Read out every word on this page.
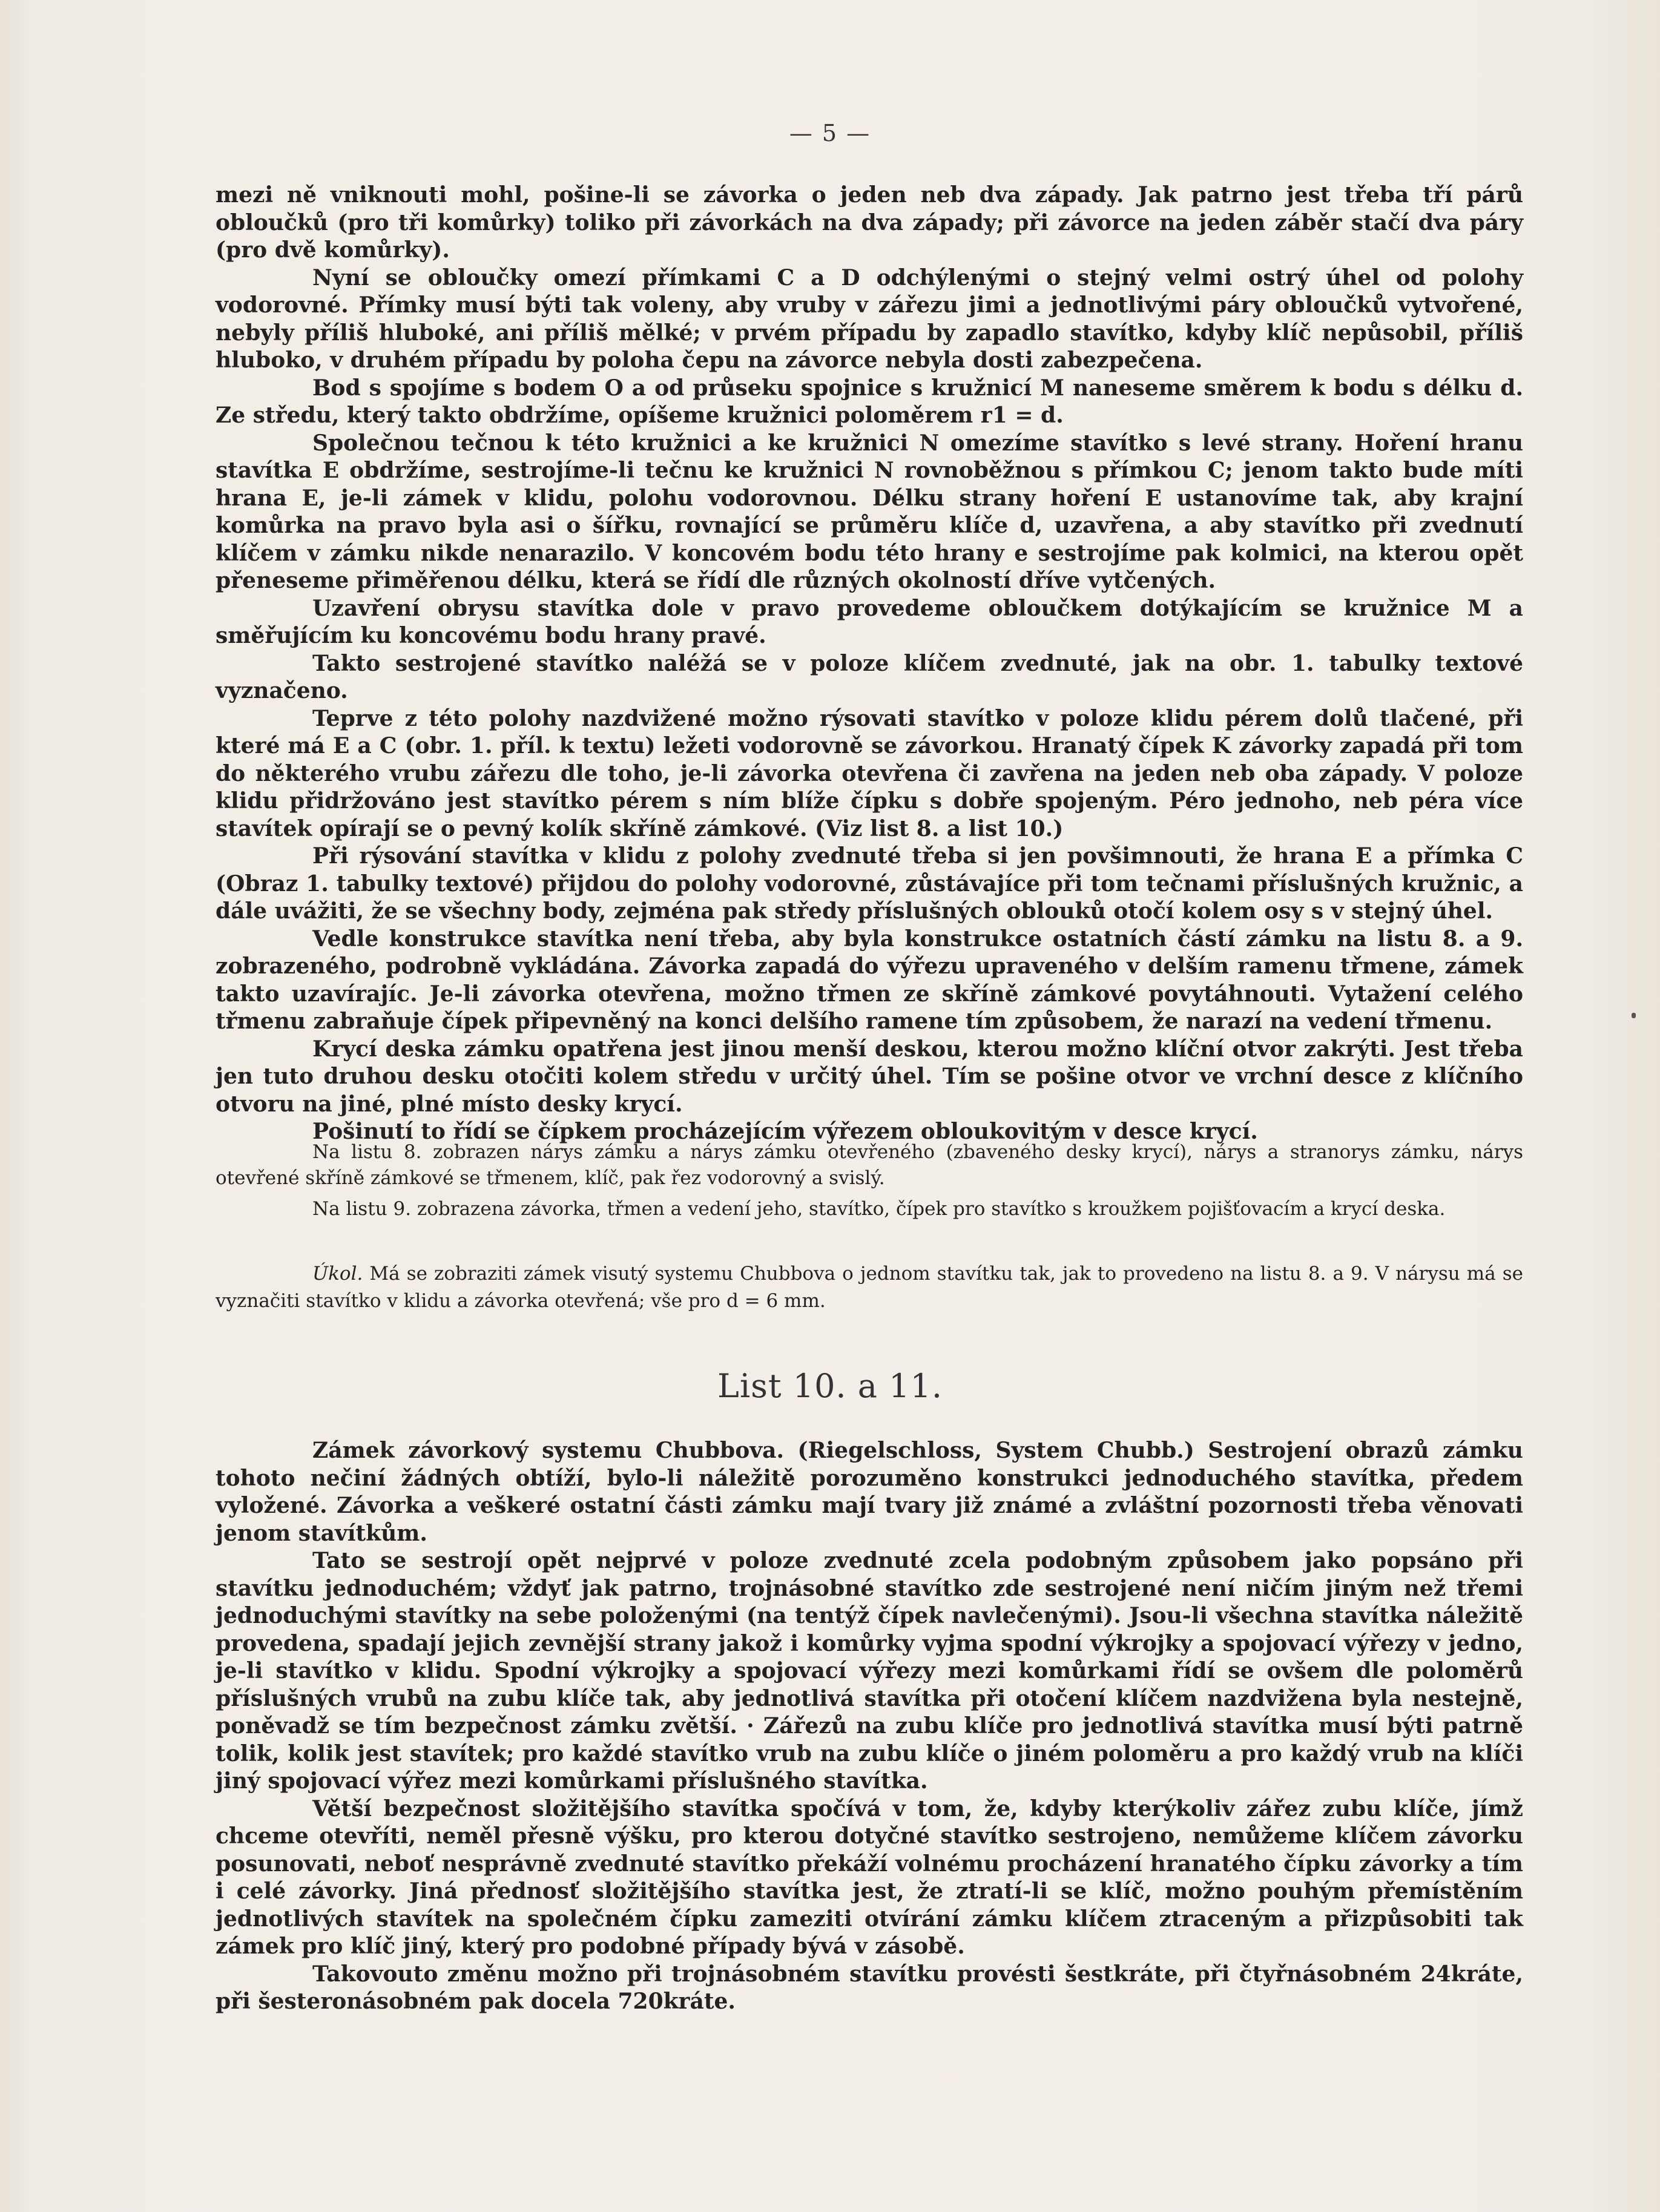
— 5 —

mezi ně vniknouti mohl, pošine-li se závorka o jeden neb dva západy. Jak patrno jest třeba tří párů obloučků (pro tři komůrky) toliko při závorkách na dva západy; při závorce na jeden záběr stačí dva páry (pro dvě komůrky).

Nyní se obloučky omezí přímkami C a D odchýlenými o stejný velmi ostrý úhel od polohy vodorovné. Přímky musí býti tak voleny, aby vruby v zářezu jimi a jednotlivými páry obloučků vytvořené, nebyly příliš hluboké, ani příliš mělké; v prvém případu by zapadlo stavítko, kdyby klíč nepůsobil, příliš hluboko, v druhém případu by poloha čepu na závorce nebyla dosti zabezpečena.

Bod s spojíme s bodem O a od průseku spojnice s kružnicí M naneseme směrem k bodu s délku d. Ze středu, který takto obdržíme, opíšeme kružnici poloměrem r1 = d.

Společnou tečnou k této kružnici a ke kružnici N omezíme stavítko s levé strany. Hoření hranu stavítka E obdržíme, sestrojíme-li tečnu ke kružnici N rovnoběžnou s přímkou C; jenom takto bude míti hrana E, je-li zámek v klidu, polohu vodorovnou. Délku strany hoření E ustanovíme tak, aby krajní komůrka na pravo byla asi o šířku, rovnající se průměru klíče d, uzavřena, a aby stavítko při zvednutí klíčem v zámku nikde nenarazilo. V koncovém bodu této hrany e sestrojíme pak kolmici, na kterou opět přeneseme přiměřenou délku, která se řídí dle různých okolností dříve vytčených.

Uzavření obrysu stavítka dole v pravo provedeme obloučkem dotýkajícím se kružnice M a směřujícím ku koncovému bodu hrany pravé.

Takto sestrojené stavítko naléžá se v poloze klíčem zvednuté, jak na obr. 1. tabulky textové vyznačeno.

Teprve z této polohy nazdvižené možno rýsovati stavítko v poloze klidu pérem dolů tlačené, při které má E a C (obr. 1. příl. k textu) ležeti vodorovně se závorkou. Hranatý čípek K závorky zapadá při tom do některého vrubu zářezu dle toho, je-li závorka otevřena či zavřena na jeden neb oba západy. V poloze klidu přidržováno jest stavítko pérem s ním blíže čípku s dobře spojeným. Péro jednoho, neb péra více stavítek opírají se o pevný kolík skříně zámkové. (Viz list 8. a list 10.)

Při rýsování stavítka v klidu z polohy zvednuté třeba si jen povšimnouti, že hrana E a přímka C (Obraz 1. tabulky textové) přijdou do polohy vodorovné, zůstávajíce při tom tečnami příslušných kružnic, a dále uvážiti, že se všechny body, zejména pak středy příslušných oblouků otočí kolem osy s v stejný úhel.

Vedle konstrukce stavítka není třeba, aby byla konstrukce ostatních částí zámku na listu 8. a 9. zobrazeného, podrobně vykládána. Závorka zapadá do výřezu upraveného v delším ramenu třmene, zámek takto uzavírajíc. Je-li závorka otevřena, možno třmen ze skříně zámkové povytáhnouti. Vytažení celého třmenu zabraňuje čípek připevněný na konci delšího ramene tím způsobem, že narazí na vedení třmenu.

Krycí deska zámku opatřena jest jinou menší deskou, kterou možno klíční otvor zakrýti. Jest třeba jen tuto druhou desku otočiti kolem středu v určitý úhel. Tím se pošine otvor ve vrchní desce z klíčního otvoru na jiné, plné místo desky krycí.

Pošinutí to řídí se čípkem procházejícím výřezem obloukovitým v desce krycí.

Na listu 8. zobrazen nárys zámku a nárys zámku otevřeného (zbaveného desky krycí), nárys a stranorys zámku, nárys otevřené skříně zámkové se třmenem, klíč, pak řez vodorovný a svislý.

Na listu 9. zobrazena závorka, třmen a vedení jeho, stavítko, čípek pro stavítko s kroužkem pojišťovacím a krycí deska.

Úkol. Má se zobraziti zámek visutý systemu Chubbova o jednom stavítku tak, jak to provedeno na listu 8. a 9. V nárysu má se vyznačiti stavítko v klidu a závorka otevřená; vše pro d = 6 mm.

List 10. a 11.

Zámek závorkový systemu Chubbova. (Riegelschloss, System Chubb.) Sestrojení obrazů zámku tohoto nečiní žádných obtíží, bylo-li náležitě porozuměno konstrukci jednoduchého stavítka, předem vyložené. Závorka a veškeré ostatní části zámku mají tvary již známé a zvláštní pozornosti třeba věnovati jenom stavítkům.

Tato se sestrojí opět nejprvé v poloze zvednuté zcela podobným způsobem jako popsáno při stavítku jednoduchém; vždyť jak patrno, trojnásobné stavítko zde sestrojené není ničím jiným než třemi jednoduchými stavítky na sebe položenými (na tentýž čípek navlečenými). Jsou-li všechna stavítka náležitě provedena, spadají jejich zevnější strany jakož i komůrky vyjma spodní výkrojky a spojovací výřezy v jedno, je-li stavítko v klidu. Spodní výkrojky a spojovací výřezy mezi komůrkami řídí se ovšem dle poloměrů příslušných vrubů na zubu klíče tak, aby jednotlivá stavítka při otočení klíčem nazdvižena byla nestejně, poněvadž se tím bezpečnost zámku zvětší. · Zářezů na zubu klíče pro jednotlivá stavítka musí býti patrně tolik, kolik jest stavítek; pro každé stavítko vrub na zubu klíče o jiném poloměru a pro každý vrub na klíči jiný spojovací výřez mezi komůrkami příslušného stavítka.

Větší bezpečnost složitějšího stavítka spočívá v tom, že, kdyby kterýkoliv zářez zubu klíče, jímž chceme otevříti, neměl přesně výšku, pro kterou dotyčné stavítko sestrojeno, nemůžeme klíčem závorku posunovati, neboť nesprávně zvednuté stavítko překáží volnému procházení hranatého čípku závorky a tím i celé závorky. Jiná přednosť složitějšího stavítka jest, že ztratí-li se klíč, možno pouhým přemístěním jednotlivých stavítek na společném čípku zameziti otvírání zámku klíčem ztraceným a přizpůsobiti tak zámek pro klíč jiný, který pro podobné případy bývá v zásobě.

Takovouto změnu možno při trojnásobném stavítku provésti šestkráte, při čtyřnásobném 24kráte, při šesteronásobném pak docela 720kráte.
